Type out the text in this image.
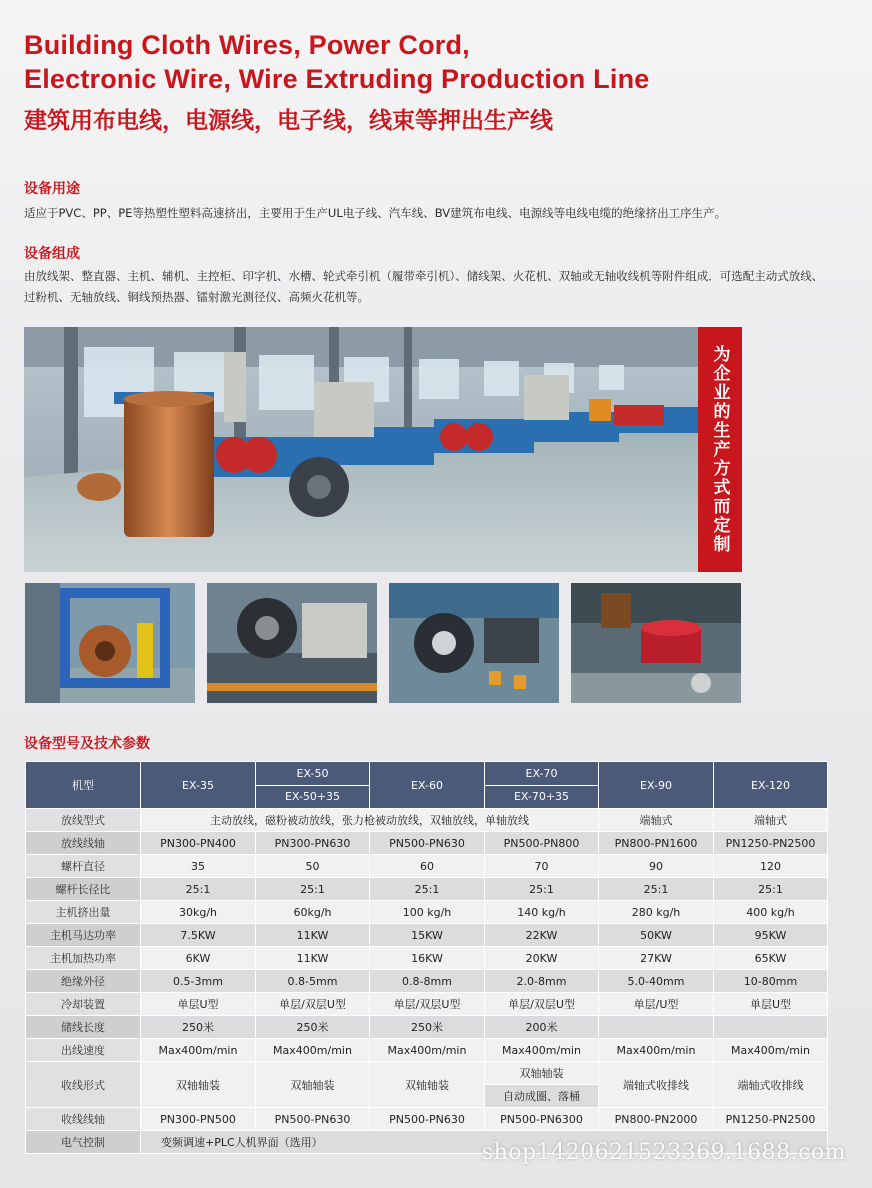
Building Cloth Wires, Power Cord,
Electronic Wire, Wire Extruding Production Line
建筑用布电线，电源线，电子线，线束等押出生产线
设备用途

适应于PVC、PP、PE等热塑性塑料高速挤出，主要用于生产UL电子线、汽车线、BV建筑布电线、电源线等电线电缆的绝缘挤出工序生产。

设备组成

由放线架、整直器、主机、辅机、主控柜、印字机、水槽、轮式牵引机（履带牵引机）、储线架、火花机、双轴或无轴收线机等附件组成．可选配主动式放线、过粉机、无轴放线、铜线预热器、镭射激光测径仪、高频火花机等。

为企业的生产方式而定制
设备型号及技术参数
机型	EX-35	EX-50	EX-60	EX-70	EX-90	EX-120
		EX-50+35		EX-70+35		
放线型式	主动放线，磁粉被动放线，张力枪被动放线，双轴放线，单轴放线				端轴式	端轴式
放线线轴	PN300-PN400	PN300-PN630	PN500-PN630	PN500-PN800	PN800-PN1600	PN1250-PN2500
螺杆直径	35	50	60	70	90	120
螺杆长径比	25:1	25:1	25:1	25:1	25:1	25:1
主机挤出量	30kg/h	60kg/h	100 kg/h	140 kg/h	280 kg/h	400 kg/h
主机马达功率	7.5KW	11KW	15KW	22KW	50KW	95KW
主机加热功率	6KW	11KW	16KW	20KW	27KW	65KW
绝缘外径	0.5-3mm	0.8-5mm	0.8-8mm	2.0-8mm	5.0-40mm	10-80mm
冷却装置	单层U型	单层/双层U型	单层/双层U型	单层/双层U型	单层/U型	单层U型
储线长度	250米	250米	250米	200米		
出线速度	Max400m/min	Max400m/min	Max400m/min	Max400m/min	Max400m/min	Max400m/min
收线形式	双轴轴装	双轴轴装	双轴轴装	双轴轴装	端轴式收排线	端轴式收排线
				自动成圈、落桶		
收线线轴	PN300-PN500	PN500-PN630	PN500-PN630	PN500-PN6300	PN800-PN2000	PN1250-PN2500
电气控制	变频调速+PLC人机界面（选用）						shop1420621523369.1688.com
